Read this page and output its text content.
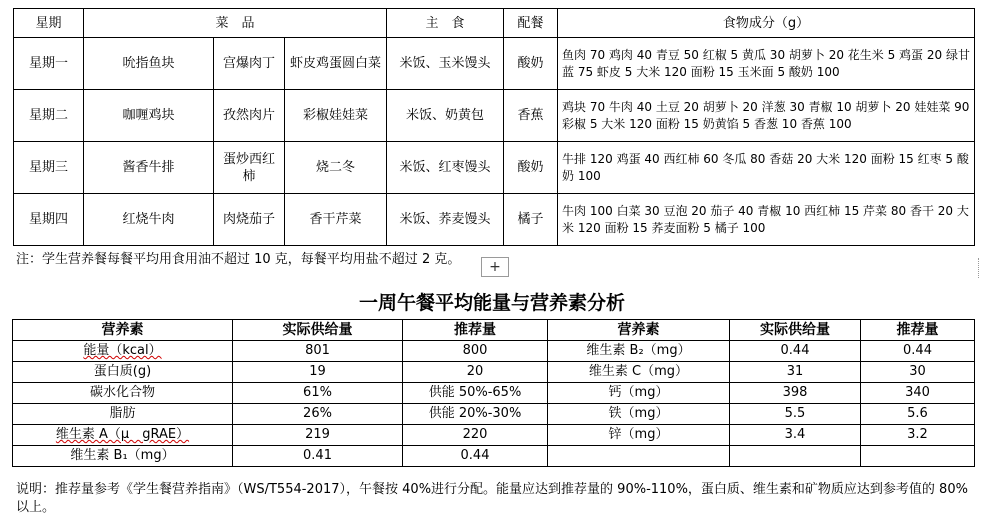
星期	菜　品			主　食	配餐	食物成分（g）
星期一	吮指鱼块	宫爆肉丁	虾皮鸡蛋圆白菜	米饭、玉米馒头	酸奶	鱼肉 70 鸡肉 40 青豆 50 红椒 5 黄瓜 30 胡萝卜 20 花生米 5 鸡蛋 20 绿甘蓝 75 虾皮 5 大米 120 面粉 15 玉米面 5 酸奶 100
星期二	咖喱鸡块	孜然肉片	彩椒娃娃菜	米饭、奶黄包	香蕉	鸡块 70 牛肉 40 土豆 20 胡萝卜 20 洋葱 30 青椒 10 胡萝卜 20 娃娃菜 90 彩椒 5 大米 120 面粉 15 奶黄馅 5 香葱 10 香蕉 100
星期三	酱香牛排	蛋炒西红柿	烧二冬	米饭、红枣馒头	酸奶	牛排 120 鸡蛋 40 西红柿 60 冬瓜 80 香菇 20 大米 120 面粉 15 红枣 5 酸奶 100
星期四	红烧牛肉	肉烧茄子	香干芹菜	米饭、荞麦馒头	橘子	牛肉 100 白菜 30 豆泡 20 茄子 40 青椒 10 西红柿 15 芹菜 80 香干 20 大米 120 面粉 15 荞麦面粉 5 橘子 100
注：学生营养餐每餐平均用食用油不超过 10 克，每餐平均用盐不超过 2 克。	+
一周午餐平均能量与营养素分析
营养素	实际供给量	推荐量	营养素	实际供给量	推荐量
能量（kcal）	801	800	维生素 B₂（mg）	0.44	0.44
蛋白质(g)	19	20	维生素 C（mg）	31	30
碳水化合物	61%	供能 50%-65%	钙（mg）	398	340
脂肪	26%	供能 20%-30%	铁（mg）	5.5	5.6
维生素 A（μ　gRAE）	219	220	锌（mg）	3.4	3.2
维生素 B₁（mg）	0.41	0.44			
说明：推荐量参考《学生餐营养指南》（WS/T554-2017），午餐按 40%进行分配。能量应达到推荐量的 90%-110%，蛋白质、维生素和矿物质应达到参考值的 80%以上。
